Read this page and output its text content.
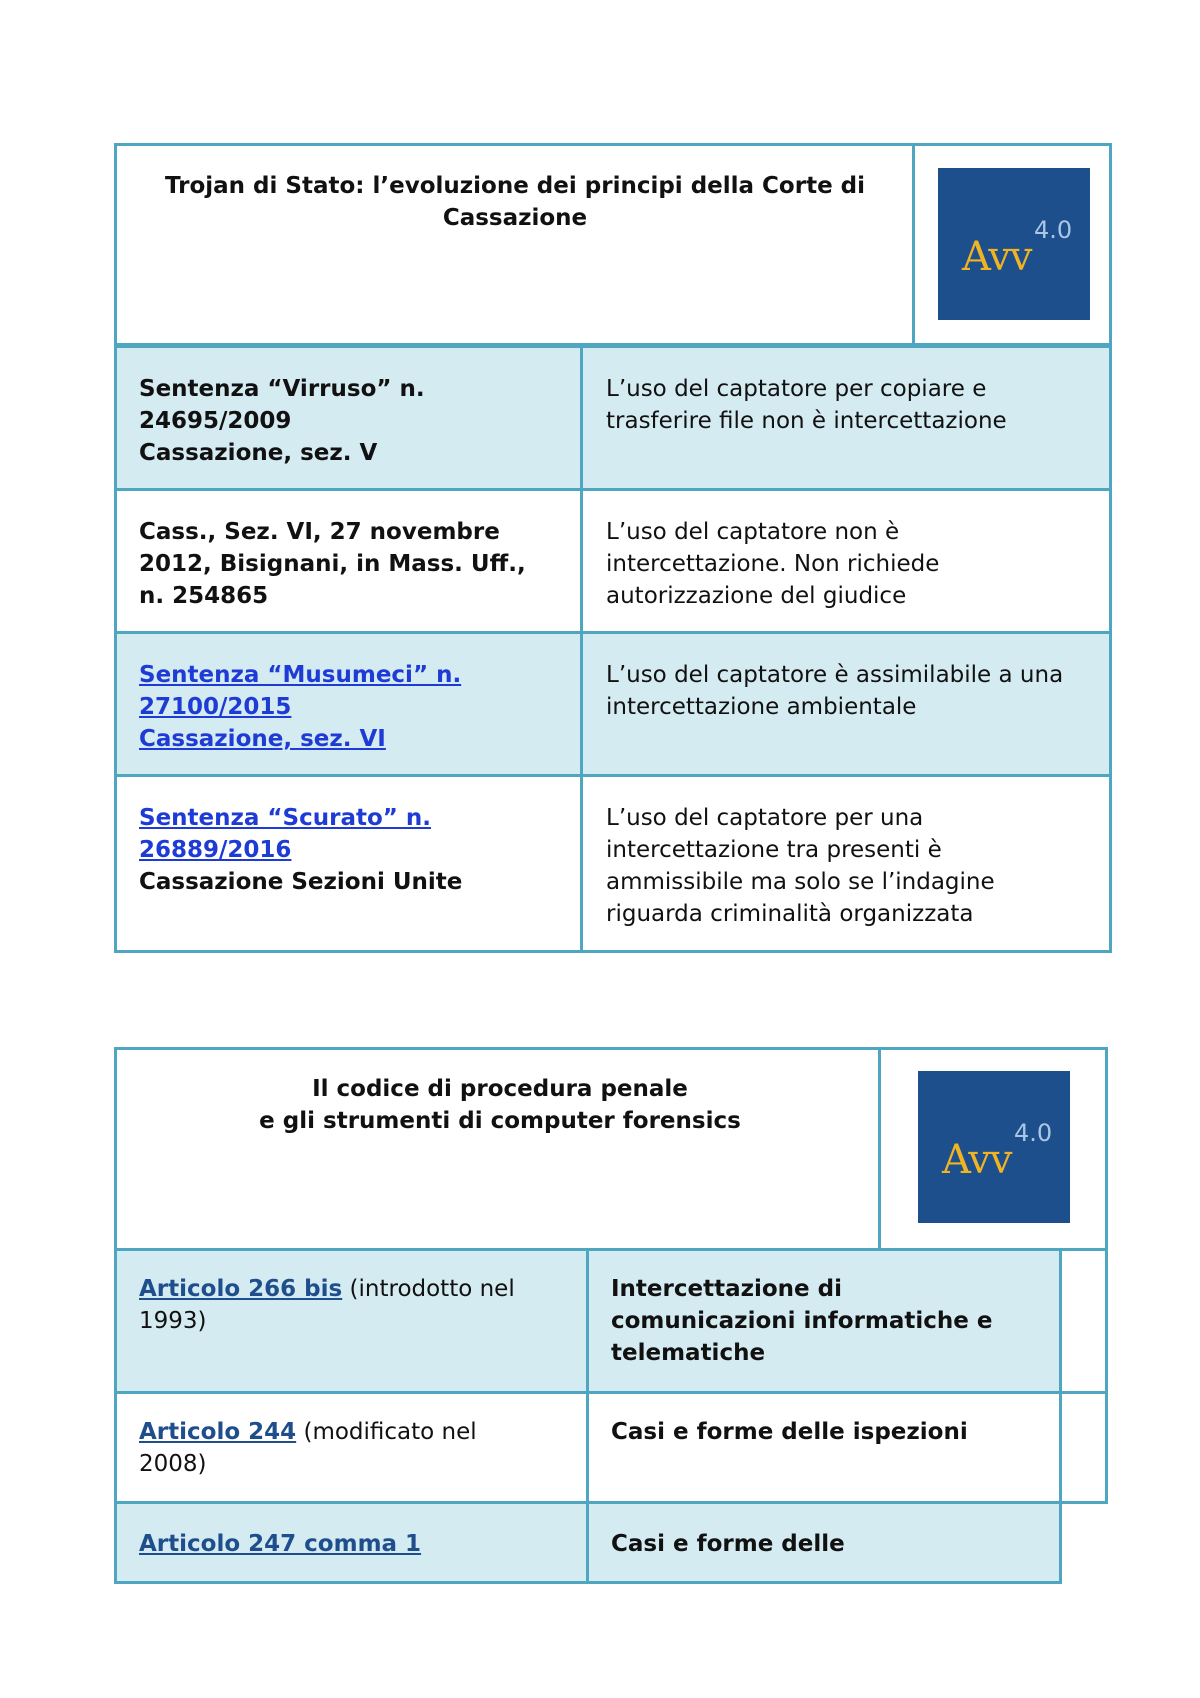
Trojan di Stato: l’evoluzione dei principi della Corte di Cassazione
Avv
4.0
Sentenza “Virruso” n.
24695/2009
Cassazione, sez. V
L’uso del captatore per copiare e
trasferire file non è intercettazione
Cass., Sez. VI, 27 novembre
2012, Bisignani, in Mass. Uff.,
n. 254865
L’uso del captatore non è
intercettazione. Non richiede
autorizzazione del giudice
Sentenza “Musumeci” n.
27100/2015
Cassazione, sez. VI
L’uso del captatore è assimilabile a una
intercettazione ambientale
Sentenza “Scurato” n.
26889/2016
Cassazione Sezioni Unite
L’uso del captatore per una
intercettazione tra presenti è
ammissibile ma solo se l’indagine
riguarda criminalità organizzata
Il codice di procedura penale
e gli strumenti di computer forensics
Avv
4.0
Articolo 266 bis (introdotto nel
1993)
Intercettazione di
comunicazioni informatiche e
telematiche
Articolo 244 (modificato nel
2008)
Casi e forme delle ispezioni
Articolo 247 comma 1	Casi e forme delle
